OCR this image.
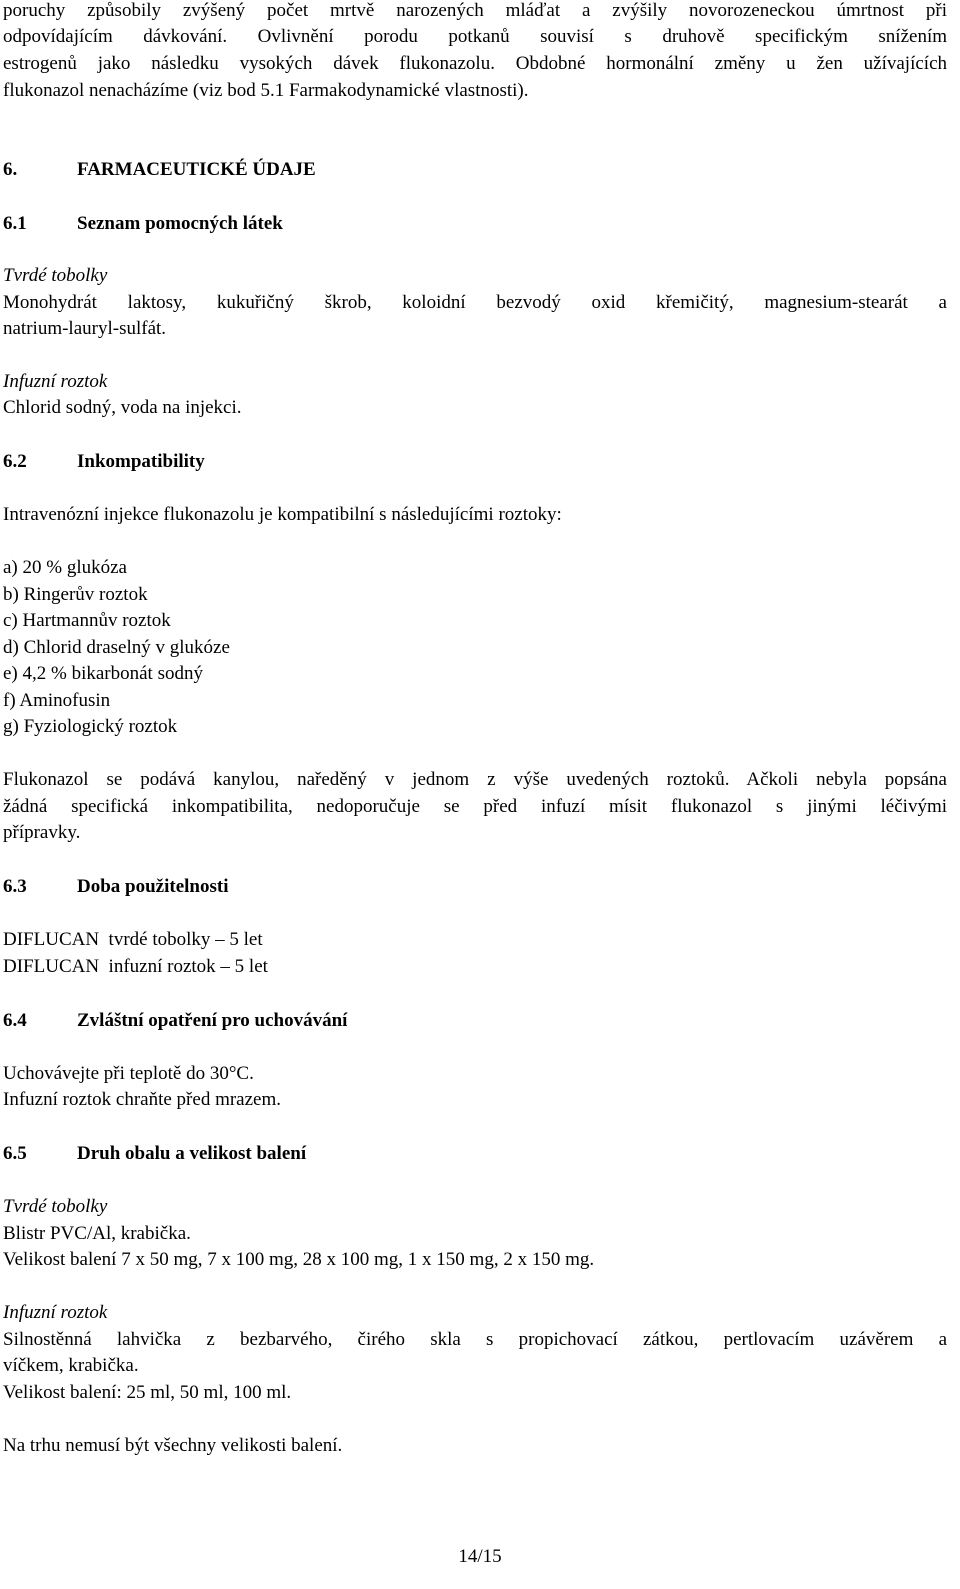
poruchy způsobily zvýšený počet mrtvě narozených mláďat a zvýšily novorozeneckou úmrtnost při
odpovídajícím dávkování. Ovlivnění porodu potkanů souvisí s druhově specifickým snížením
estrogenů jako následku vysokých dávek flukonazolu. Obdobné hormonální změny u žen užívajících
flukonazol nenacházíme (viz bod 5.1 Farmakodynamické vlastnosti).
6.	FARMACEUTICKÉ ÚDAJE
6.1	Seznam pomocných látek
Tvrdé tobolky
Monohydrát laktosy, kukuřičný škrob, koloidní bezvodý oxid křemičitý, magnesium-stearát a
natrium-lauryl-sulfát.
Infuzní roztok
Chlorid sodný, voda na injekci.
6.2	Inkompatibility
Intravenózní injekce flukonazolu je kompatibilní s následujícími roztoky:
a) 20 % glukóza
b) Ringerův roztok
c) Hartmannův roztok
d) Chlorid draselný v glukóze
e) 4,2 % bikarbonát sodný
f) Aminofusin
g) Fyziologický roztok
Flukonazol se podává kanylou, naředěný v jednom z výše uvedených roztoků. Ačkoli nebyla popsána
žádná specifická inkompatibilita, nedoporučuje se před infuzí mísit flukonazol s jinými léčivými
přípravky.
6.3	Doba použitelnosti
DIFLUCAN  tvrdé tobolky – 5 let
DIFLUCAN  infuzní roztok – 5 let
6.4	Zvláštní opatření pro uchovávání
Uchovávejte při teplotě do 30°C.
Infuzní roztok chraňte před mrazem.
6.5	Druh obalu a velikost balení
Tvrdé tobolky
Blistr PVC/Al, krabička.
Velikost balení 7 x 50 mg, 7 x 100 mg, 28 x 100 mg, 1 x 150 mg, 2 x 150 mg.
Infuzní roztok
Silnostěnná lahvička z bezbarvého, čirého skla s propichovací zátkou, pertlovacím uzávěrem a
víčkem, krabička.
Velikost balení: 25 ml, 50 ml, 100 ml.
Na trhu nemusí být všechny velikosti balení.
14/15
